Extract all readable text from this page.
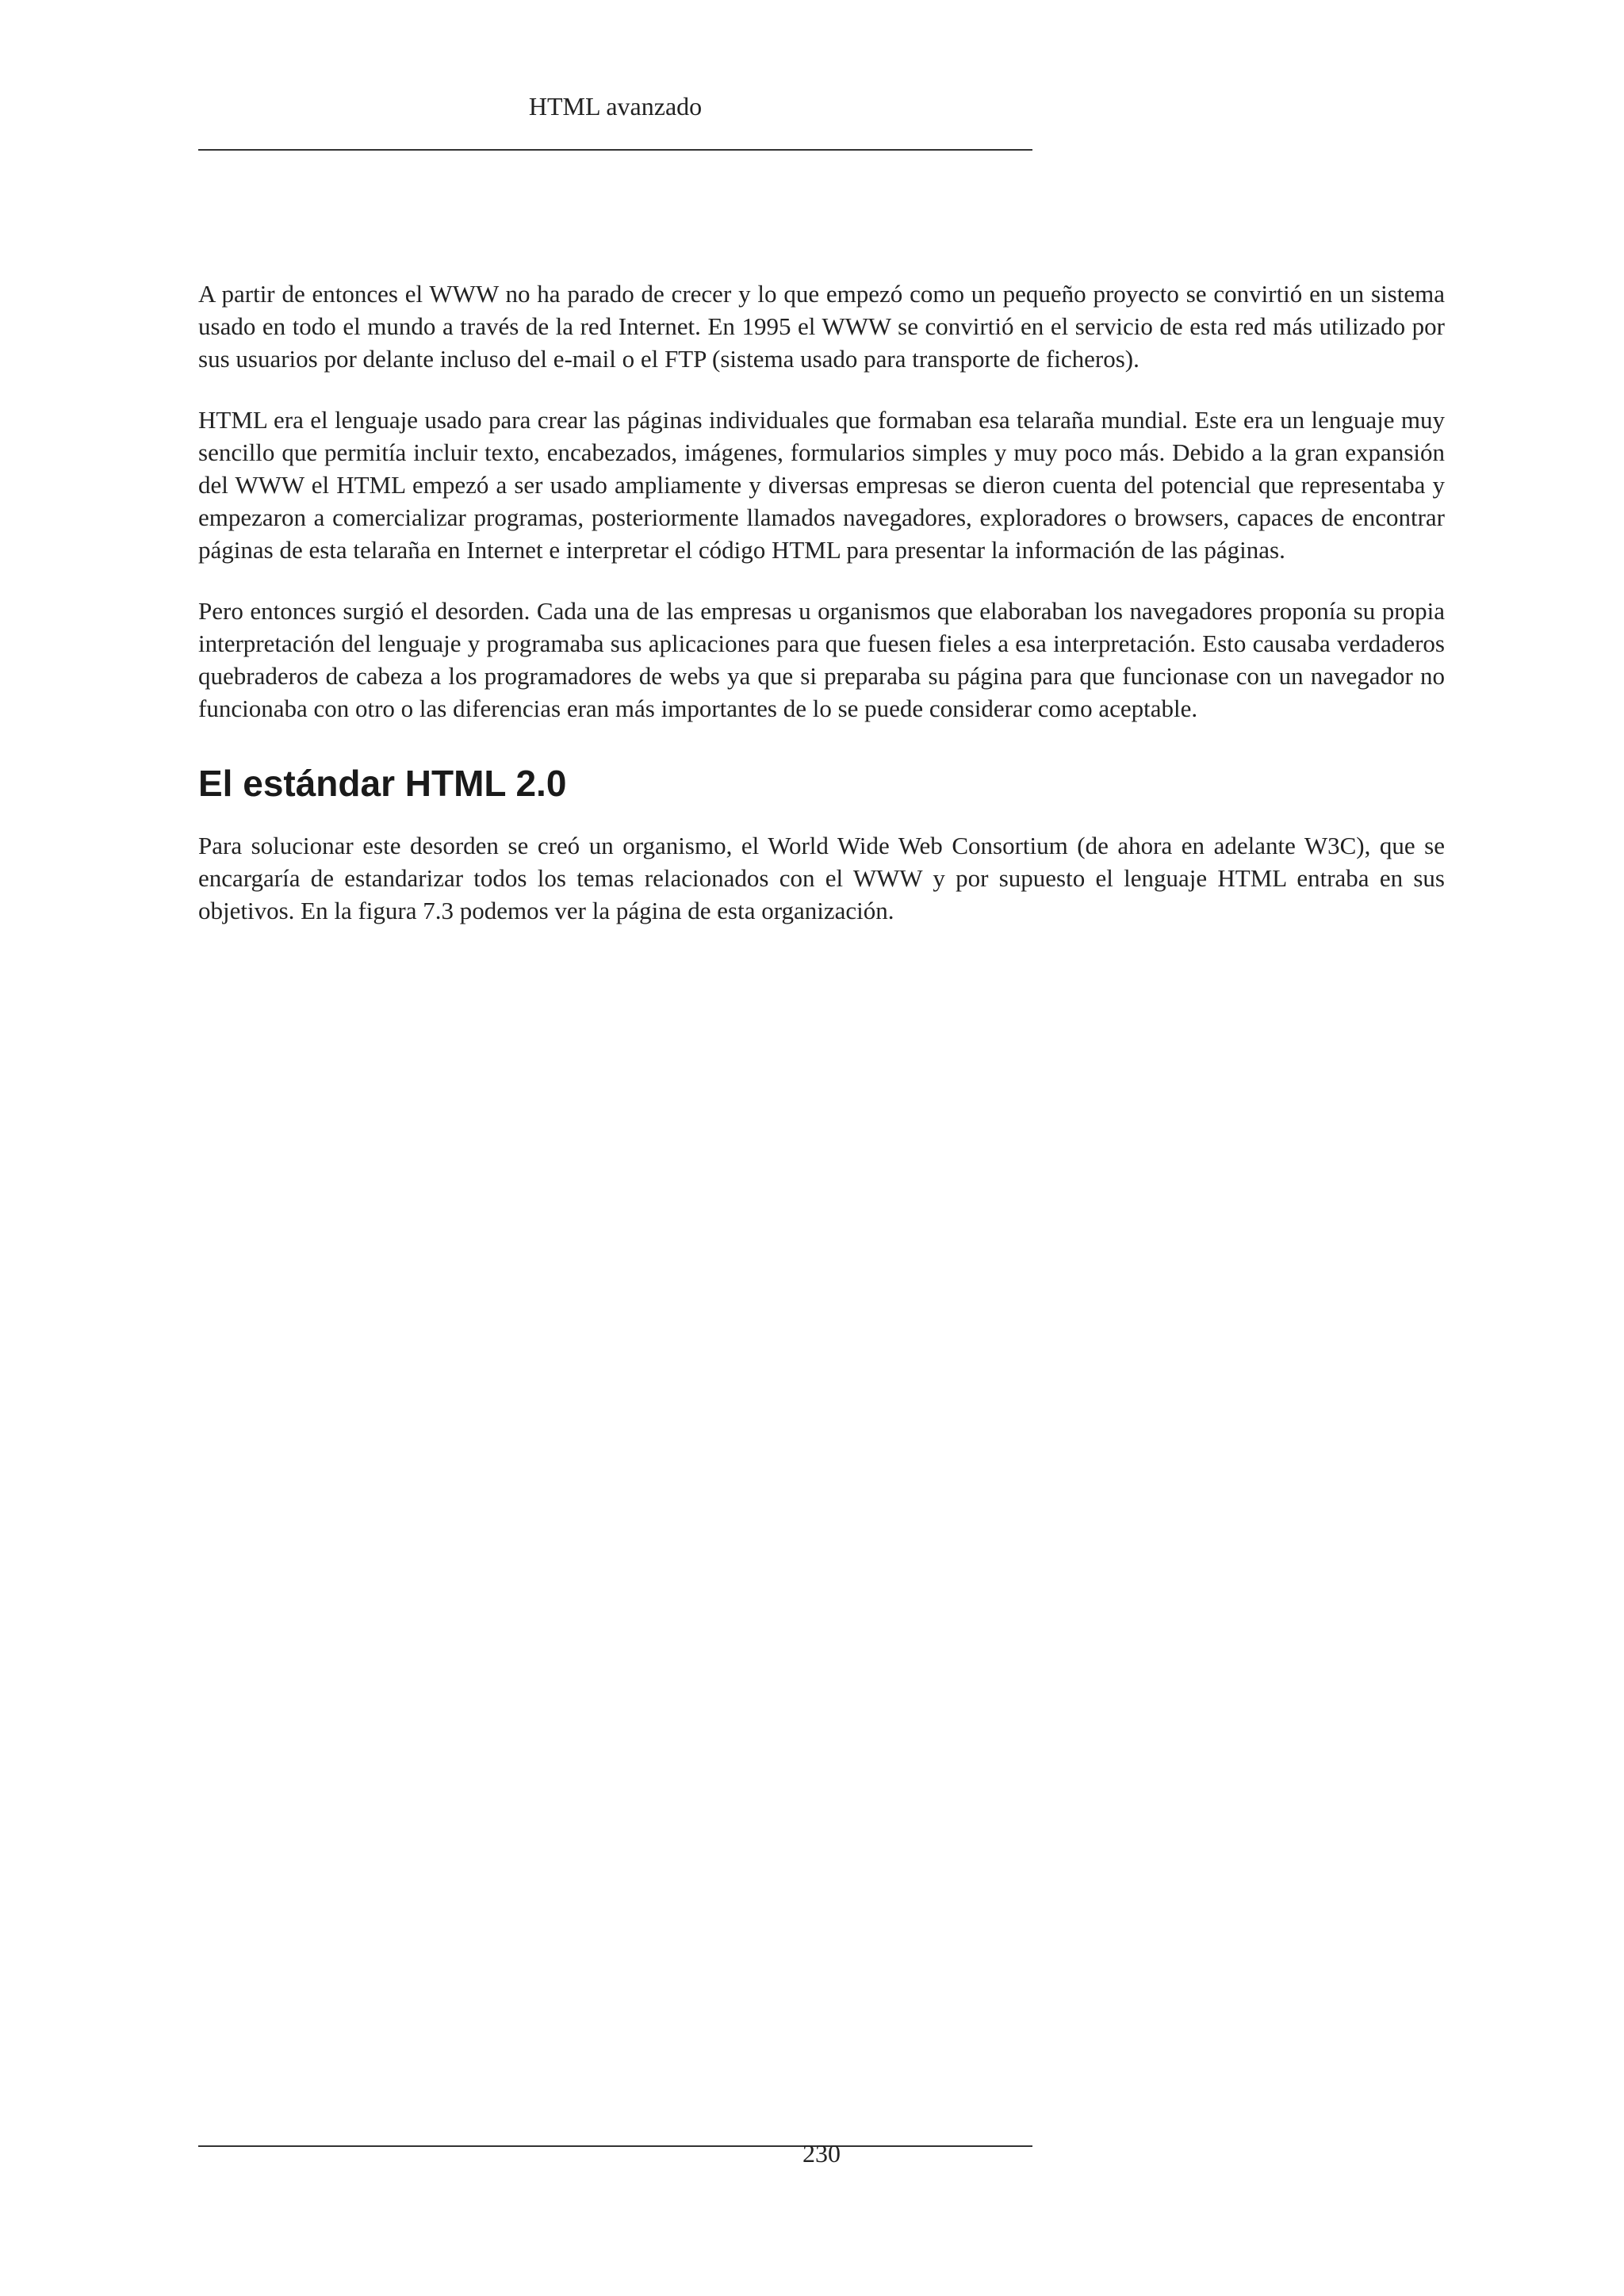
HTML avanzado

A partir de entonces el WWW no ha parado de crecer y lo que empezó como un pequeño proyecto se convirtió en un sistema usado en todo el mundo a través de la red Internet. En 1995 el WWW se convirtió en el servicio de esta red más utilizado por sus usuarios por delante incluso del e-mail o el FTP (sistema usado para transporte de ficheros).

HTML era el lenguaje usado para crear las páginas individuales que formaban esa telaraña mundial. Este era un lenguaje muy sencillo que permitía incluir texto, encabezados, imágenes, formularios simples y muy poco más. Debido a la gran expansión del WWW el HTML empezó a ser usado ampliamente y diversas empresas se dieron cuenta del potencial que representaba y empezaron a comercializar programas, posteriormente llamados navegadores, exploradores o browsers, capaces de encontrar páginas de esta telaraña en Internet e interpretar el código HTML para presentar la información de las páginas.

Pero entonces surgió el desorden. Cada una de las empresas u organismos que elaboraban los navegadores proponía su propia interpretación del lenguaje y programaba sus aplicaciones para que fuesen fieles a esa interpretación. Esto causaba verdaderos quebraderos de cabeza a los programadores de webs ya que si preparaba su página para que funcionase con un navegador no funcionaba con otro o las diferencias eran más importantes de lo se puede considerar como aceptable.

El estándar HTML 2.0

Para solucionar este desorden se creó un organismo, el World Wide Web Consortium (de ahora en adelante W3C), que se encargaría de estandarizar todos los temas relacionados con el WWW y por supuesto el lenguaje HTML entraba en sus objetivos. En la figura 7.3 podemos ver la página de esta organización.

230
